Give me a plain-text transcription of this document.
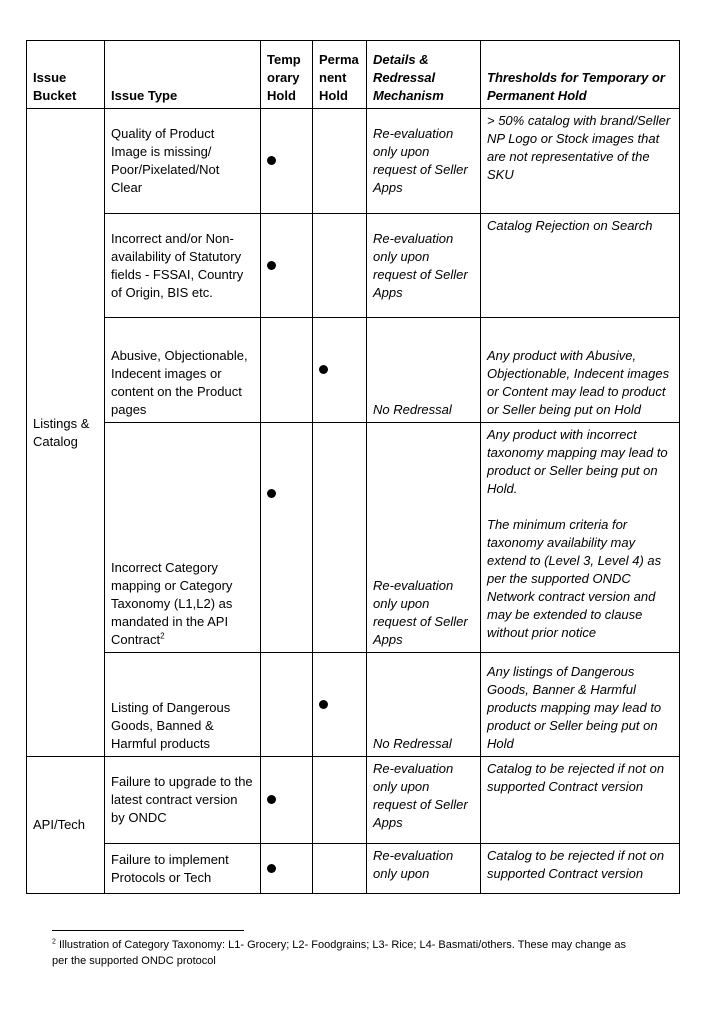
Issue Bucket	Issue Type	Temporary Hold	Permanent Hold	Details & Redressal Mechanism	Thresholds for Temporary or Permanent Hold
Listings & Catalog	Quality of Product Image is missing/ Poor/Pixelated/Not Clear			Re-evaluation only upon request of Seller Apps	> 50% catalog with brand/Seller NP Logo or Stock images that are not representative of the SKU
	Incorrect and/or Non-availability of Statutory fields - FSSAI, Country of Origin, BIS etc.			Re-evaluation only upon request of Seller Apps	Catalog Rejection on Search
	Abusive, Objectionable, Indecent images or content on the Product pages			No Redressal	Any product with Abusive, Objectionable, Indecent images or Content may lead to product or Seller being put on Hold
	Incorrect Category mapping or Category Taxonomy (L1,L2) as mandated in the API Contract$^2$			Re-evaluation only upon request of Seller Apps	Any product with incorrect taxonomy mapping may lead to product or Seller being put on Hold.
The minimum criteria for taxonomy availability may extend to (Level 3, Level 4) as per the supported ONDC Network contract version and may be extended to clause without prior notice

	Listing of Dangerous Goods, Banned & Harmful products			No Redressal	Any listings of Dangerous Goods, Banner & Harmful products mapping may lead to product or Seller being put on Hold
API/Tech	Failure to upgrade to the latest contract version by ONDC			Re-evaluation only upon request of Seller Apps	Catalog to be rejected if not on supported Contract version
	Failure to implement Protocols or Tech			Re-evaluation only upon	Catalog to be rejected if not on supported Contract version
$^2$ Illustration of Category Taxonomy: L1- Grocery; L2- Foodgrains; L3- Rice; L4- Basmati/others. These may change as per the supported ONDC protocol
